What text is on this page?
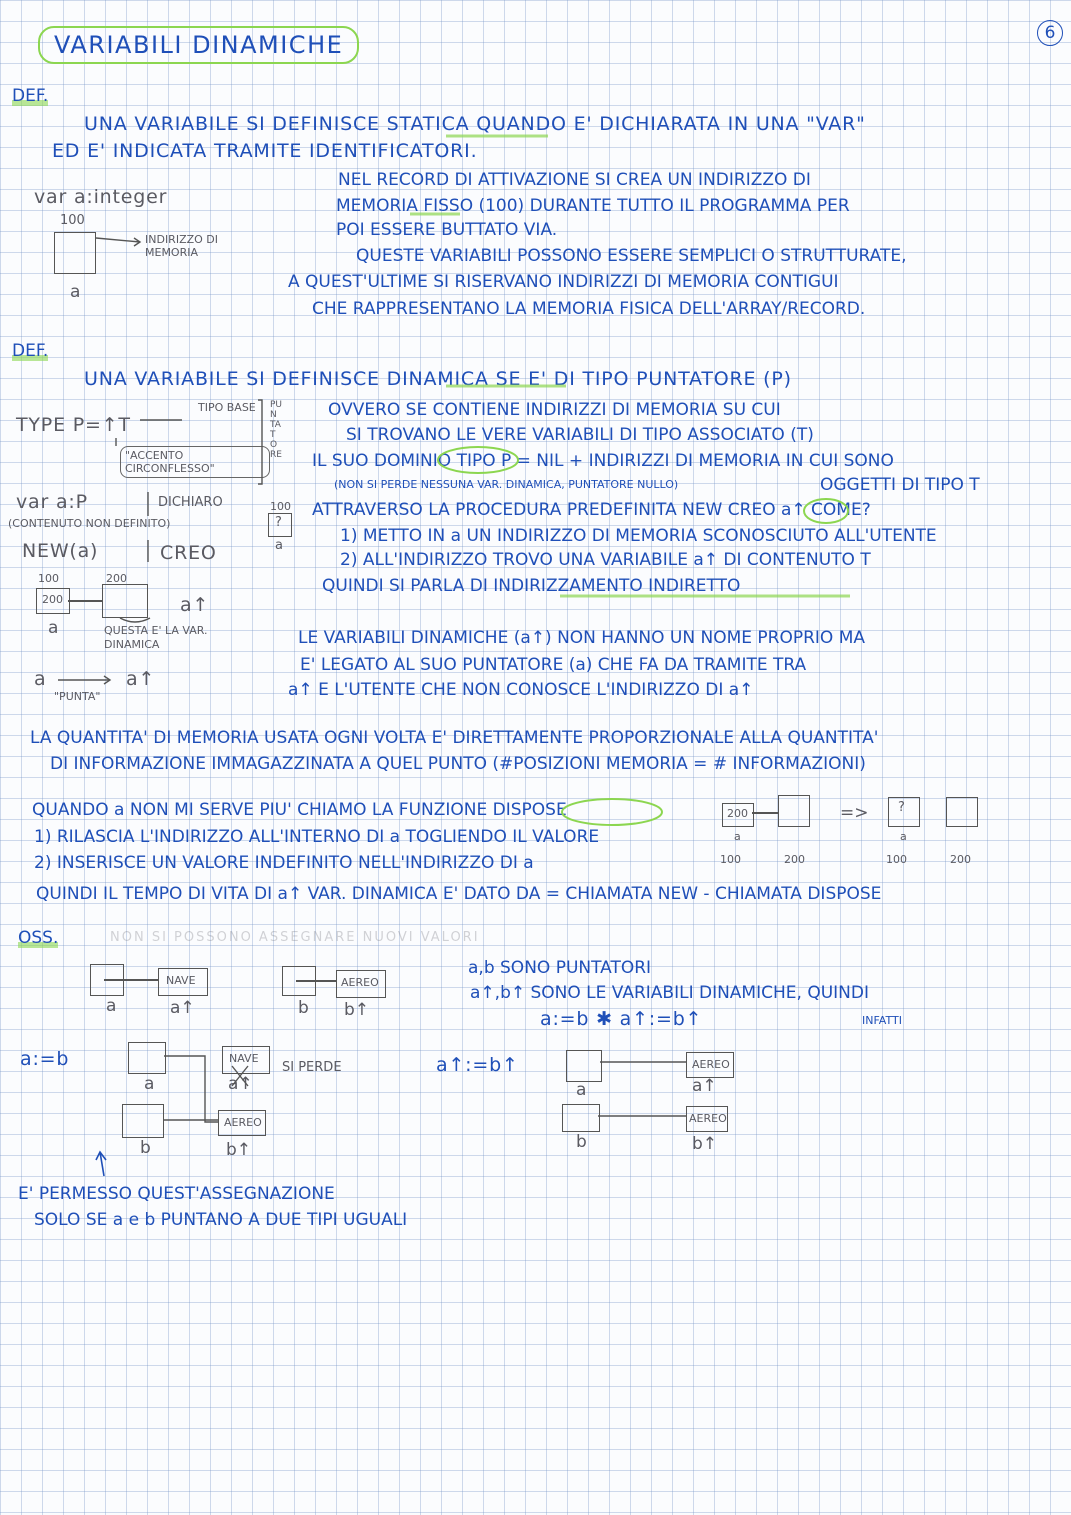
VARIABILI DINAMICHE	6
DEF.
UNA VARIABILE SI DEFINISCE STATICA QUANDO E' DICHIARATA IN UNA "VAR"
ED E' INDICATA TRAMITE IDENTIFICATORI.
NEL RECORD DI ATTIVAZIONE SI CREA UN INDIRIZZO DI
MEMORIA FISSO (100) DURANTE TUTTO IL PROGRAMMA PER
POI ESSERE BUTTATO VIA.
QUESTE VARIABILI POSSONO ESSERE SEMPLICI O STRUTTURATE,
A QUEST'ULTIME SI RISERVANO INDIRIZZI DI MEMORIA CONTIGUI
CHE RAPPRESENTANO LA MEMORIA FISICA DELL'ARRAY/RECORD.
var a:integer
100
INDIRIZZO DI MEMORIA
a
DEF.
UNA VARIABILE SI DEFINISCE DINAMICA SE E' DI TIPO PUNTATORE (P)
OVVERO SE CONTIENE INDIRIZZI DI MEMORIA SU CUI
SI TROVANO LE VERE VARIABILI DI TIPO ASSOCIATO (T)
IL SUO DOMINIO TIPO P = NIL + INDIRIZZI DI MEMORIA IN CUI SONO
(NON SI PERDE NESSUNA VAR. DINAMICA, PUNTATORE NULLO)	OGGETTI DI TIPO T
ATTRAVERSO LA PROCEDURA PREDEFINITA NEW CREO a↑ COME?
1) METTO IN a UN INDIRIZZO DI MEMORIA SCONOSCIUTO ALL'UTENTE
2) ALL'INDIRIZZO TROVO UNA VARIABILE a↑ DI CONTENUTO T
QUINDI SI PARLA DI INDIRIZZAMENTO INDIRETTO
TYPE P=↑T
TIPO BASE
"ACCENTO CIRCONFLESSO"
PUNTATORE
var a:P	DICHIARO
(CONTENUTO NON DEFINITO)
NEW(a)	CREO
100	200
200
a
a↑
QUESTA E' LA VAR. DINAMICA
100
?
a
a	a↑
"PUNTA"
LE VARIABILI DINAMICHE (a↑) NON HANNO UN NOME PROPRIO MA
E' LEGATO AL SUO PUNTATORE (a) CHE FA DA TRAMITE TRA
a↑ E L'UTENTE CHE NON CONOSCE L'INDIRIZZO DI a↑
LA QUANTITA' DI MEMORIA USATA OGNI VOLTA E' DIRETTAMENTE PROPORZIONALE ALLA QUANTITA'
DI INFORMAZIONE IMMAGAZZINATA A QUEL PUNTO (#POSIZIONI MEMORIA = # INFORMAZIONI)
QUANDO a NON MI SERVE PIU' CHIAMO LA FUNZIONE DISPOSE
1) RILASCIA L'INDIRIZZO ALL'INTERNO DI a TOGLIENDO IL VALORE
2) INSERISCE UN VALORE INDEFINITO NELL'INDIRIZZO DI a
QUINDI IL TEMPO DI VITA DI a↑ VAR. DINAMICA E' DATO DA = CHIAMATA NEW - CHIAMATA DISPOSE
200
a
100	200
=> ?
a
100	200
OSS.	NON SI POSSONO ASSEGNARE NUOVI VALORI
NAVE
a	a↑
AEREO
b b↑
a,b SONO PUNTATORI
a↑,b↑ SONO LE VARIABILI DINAMICHE, QUINDI
a:=b ✱ a↑:=b↑	INFATTI
a:=b	NAVE
SI PERDE
a	a↑
AEREO
b	b↑
a↑:=b↑	AEREO
a	a↑
AEREO
b	b↑
E' PERMESSO QUEST'ASSEGNAZIONE
SOLO SE a e b PUNTANO A DUE TIPI UGUALI
